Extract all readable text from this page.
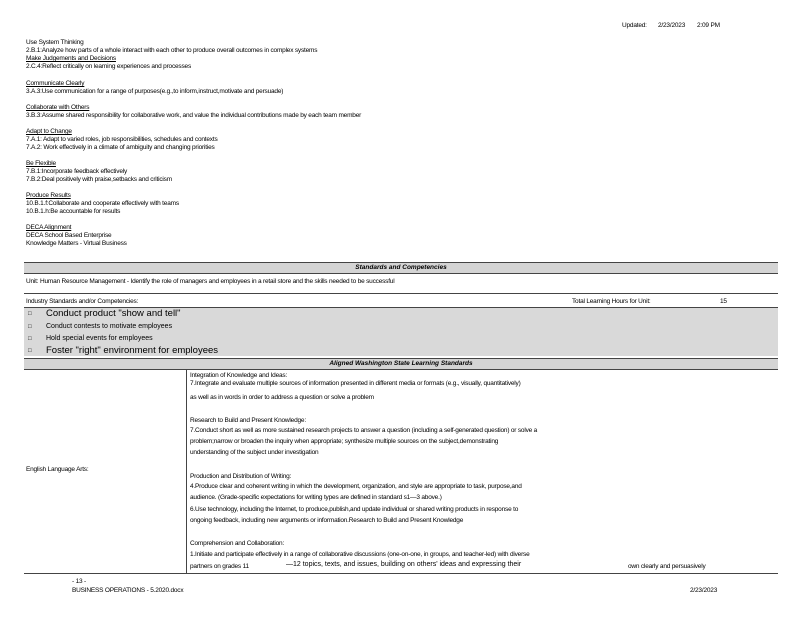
Updated: 2/23/2023 2:09 PM
Use System Thinking
2.B.1:Analyze how parts of a whole interact with each other to produce overall outcomes in complex systems
Make Judgements and Decisions
2.C.4:Reflect critically on learning experiences and processes
Communicate Clearly
3.A.3:Use communication for a range of purposes(e.g.,to inform,instruct,motivate and persuade)
Collaborate with Others
3.B.3:Assume shared responsibility for collaborative work, and value the individual contributions made by each team member
Adapt to Change
7.A.1: Adapt to varied roles, job responsibilities, schedules and contexts
7.A.2: Work effectively in a climate of ambiguity and changing priorities
Be Flexible
7.B.1:Incorporate feedback effectively
7.B.2:Deal positively with praise,setbacks and criticism
Produce Results
10.B.1.f:Collaborate and cooperate effectively with teams
10.B.1.h:Be accountable for results
DECA Alignment
DECA School Based Enterprise
Knowledge Matters - Virtual Business
Standards and Competencies
Unit: Human Resource Management - Identify the role of managers and employees in a retail store and the skills needed to be successful
Industry Standards and/or Competencies:	Total Learning Hours for Unit:	15
□ Conduct product "show and tell"
□ Conduct contests to motivate employees
□ Hold special events for employees
□ Foster "right" environment for employees
Aligned Washington State Learning Standards
English Language Arts:
Integration of Knowledge and Ideas:
7.Integrate and evaluate multiple sources of information presented in different media or formats (e.g., visually, quantitatively)
as well as in words in order to address a question or solve a problem
Research to Build and Present Knowledge:
7.Conduct short as well as more sustained research projects to answer a question (including a self-generated question) or solve a
problem;narrow or broaden the inquiry when appropriate; synthesize multiple sources on the subject,demonstrating
understanding of the subject under investigation
Production and Distribution of Writing:
4.Produce clear and coherent writing in which the development, organization, and style are appropriate to task, purpose,and
audience. (Grade-specific expectations for writing types are defined in standard s1—3 above.)
6.Use technology, including the Internet, to produce,publish,and update individual or shared writing products in response to
ongoing feedback, including new arguments or information.Research to Build and Present Knowledge
Comprehension and Collaboration:
1.Initiate and participate effectively in a range of collaborative discussions (one-on-one, in groups, and teacher-led) with diverse
partners on grades 11	—12 topics, texts, and issues, building on others' ideas and expressing their	own clearly and persuasively
- 13 -
BUSINESS OPERATIONS - 5.2020.docx	2/23/2023
